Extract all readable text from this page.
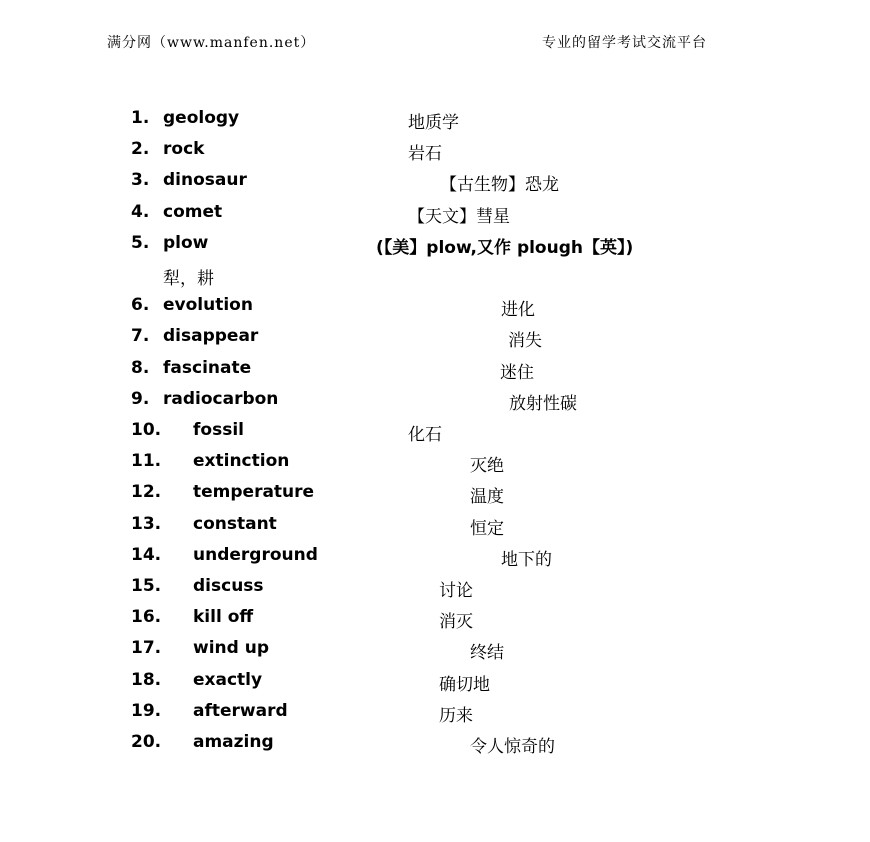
满分网（www.manfen.net）	专业的留学考试交流平台
1. geology	地质学
2. rock	岩石
3. dinosaur	【古生物】恐龙
4. comet	【天文】彗星
5. plow	(【美】plow,又作 plough【英】)
犁，耕
6. evolution	进化
7. disappear	消失
8. fascinate	迷住
9. radiocarbon	放射性碳
10. fossil	化石
11. extinction	灭绝
12. temperature	温度
13. constant	恒定
14. underground	地下的
15. discuss	讨论
16. kill off	消灭
17. wind up	终结
18. exactly	确切地
19. afterward	历来
20. amazing	令人惊奇的
